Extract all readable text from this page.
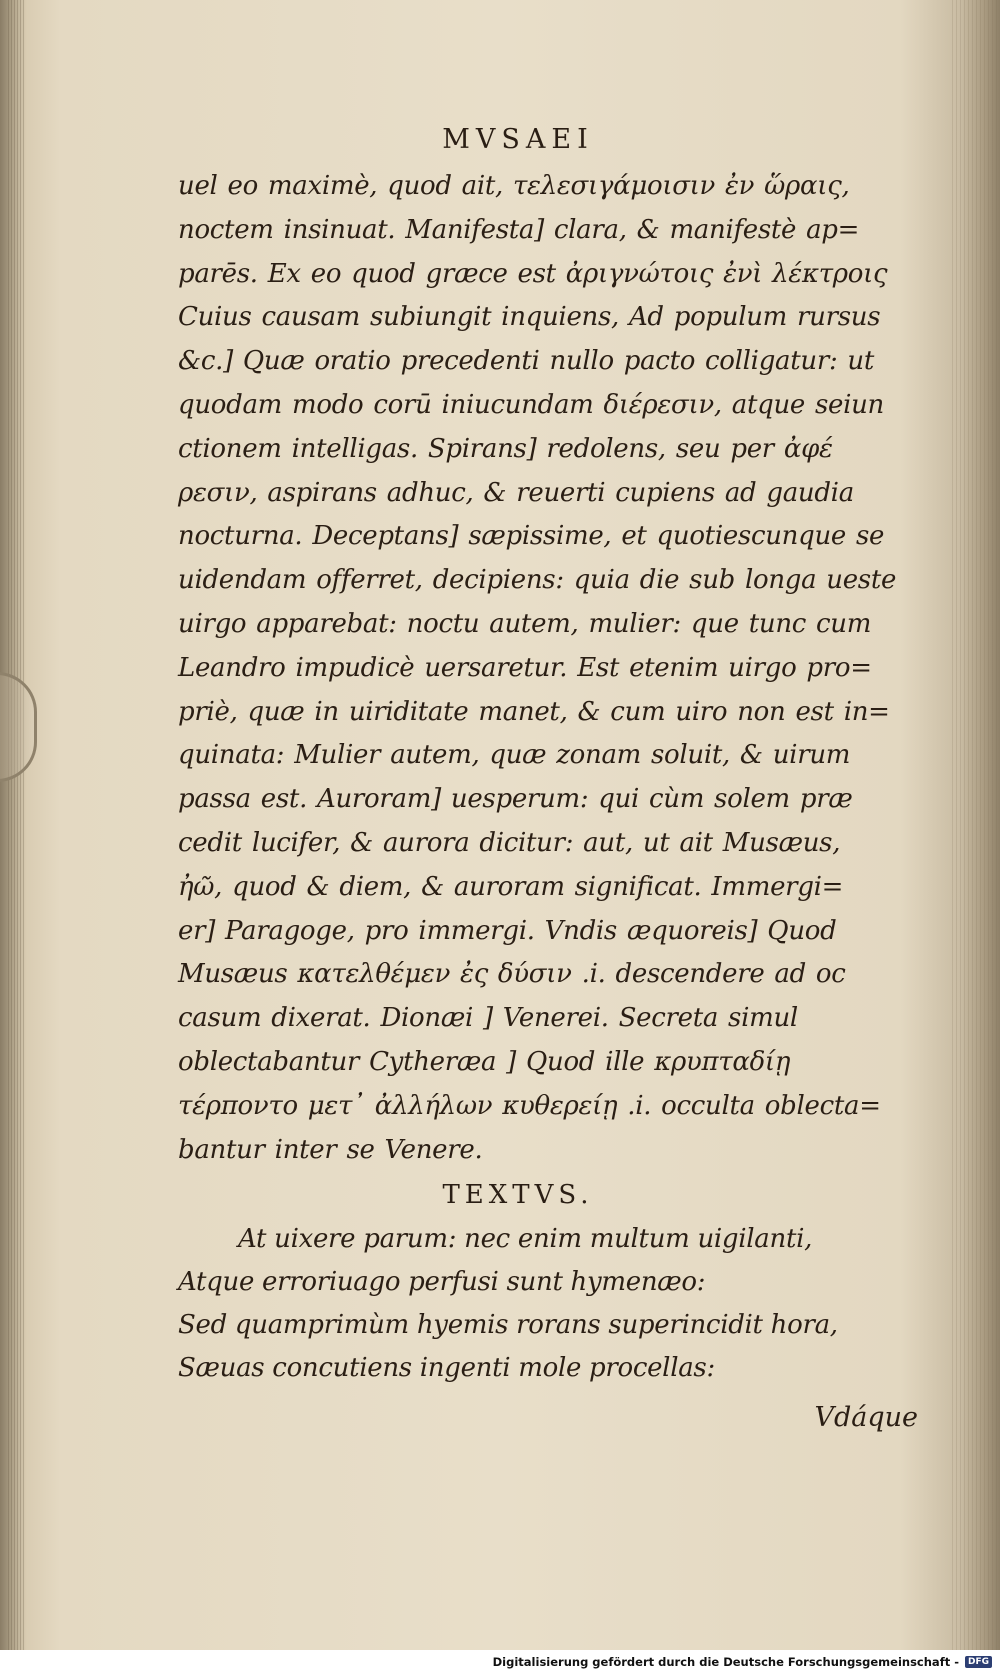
MVSAEI
uel eo maximè, quod ait, τελεσιγάμοισιν ἐν ὥραις,
noctem insinuat. Manifesta] clara, & manifestè ap=
parēs. Ex eo quod græce est ἀριγνώτοις ἐνὶ λέκτροις
Cuius causam subiungit inquiens, Ad populum rursus
&c.] Quæ oratio precedenti nullo pacto colligatur: ut
quodam modo corū iniucundam διέρεσιν, atque seiun
ctionem intelligas. Spirans] redolens, seu per ἀφέ
ρεσιν, aspirans adhuc, & reuerti cupiens ad gaudia
nocturna. Deceptans] sæpissime, et quotiescunque se
uidendam offerret, decipiens: quia die sub longa ueste
uirgo apparebat: noctu autem, mulier: que tunc cum
Leandro impudicè uersaretur. Est etenim uirgo pro=
priè, quæ in uiriditate manet, & cum uiro non est in=
quinata: Mulier autem, quæ zonam soluit, & uirum
passa est. Auroram] uesperum: qui cùm solem præ
cedit lucifer, & aurora dicitur: aut, ut ait Musæus,
ἠῶ, quod & diem, & auroram significat. Immergi=
er] Paragoge, pro immergi. Vndis æquoreis] Quod
Musæus κατελθέμεν ἐς δύσιν .i. descendere ad oc
casum dixerat. Dionæi ] Venerei. Secreta simul
oblectabantur Cytheræa ] Quod ille κρυπταδίῃ
τέρποντο μετ᾽ ἀλλήλων κυθερείῃ .i. occulta oblecta=
bantur inter se Venere.
TEXTVS.
At uixere parum: nec enim multum uigilanti,
Atque erroriuago perfusi sunt hymenæo:
Sed quamprimùm hyemis rorans superincidit hora,
Sæuas concutiens ingenti mole procellas:
Vdáque
Digitalisierung gefördert durch die Deutsche Forschungsgemeinschaft -	DFG
